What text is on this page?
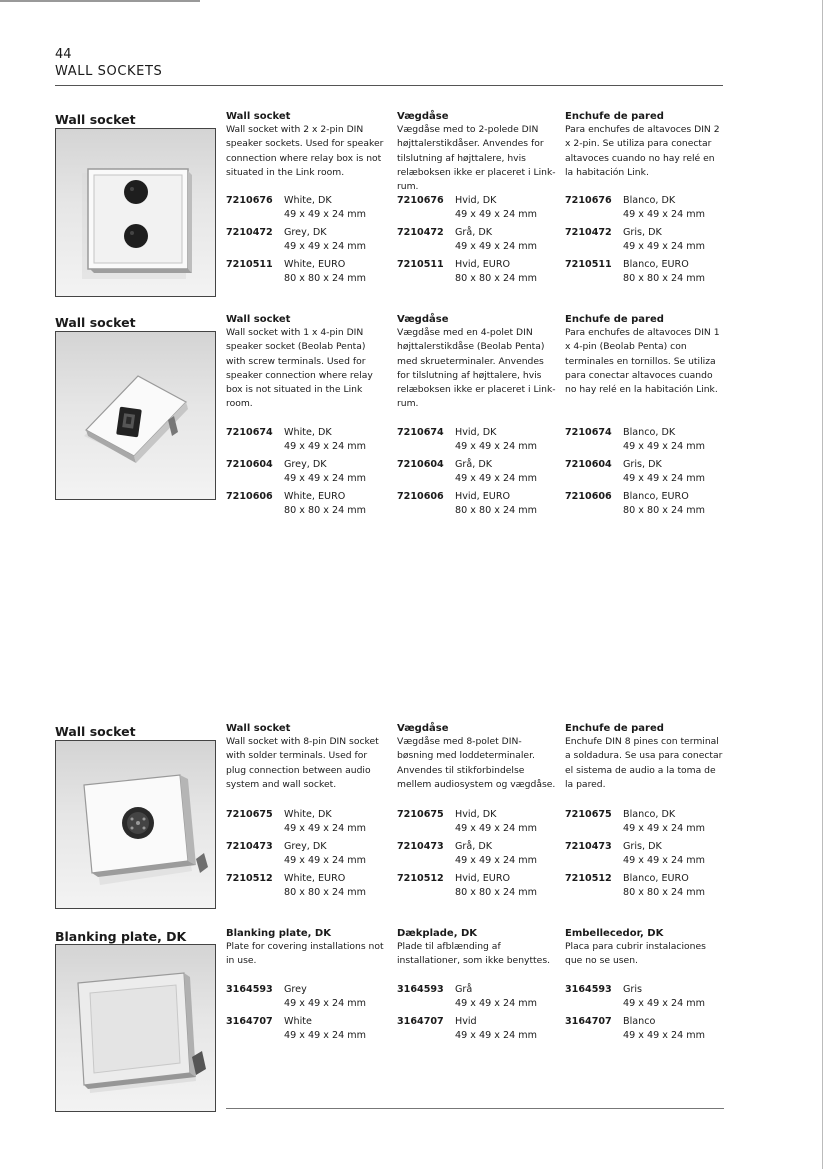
44
WALL SOCKETS
Wall socket	Wall socket
Wall socket with 2 x 2-pin DIN speaker sockets. Used for speaker connection where relay box is not situated in the Link room.
7210676 White, DK
49 x 49 x 24 mm
7210472 Grey, DK
49 x 49 x 24 mm
7210511 White, EURO
80 x 80 x 24 mm
Vægdåse
Vægdåse med to 2-polede DIN højttalerstikdåser. Anvendes for tilslutning af højttalere, hvis relæboksen ikke er placeret i Link-rum.
7210676 Hvid, DK
49 x 49 x 24 mm
7210472 Grå, DK
49 x 49 x 24 mm
7210511 Hvid, EURO
80 x 80 x 24 mm
Enchufe de pared
Para enchufes de altavoces DIN 2 x 2-pin. Se utiliza para conectar altavoces cuando no hay relé en la habitación Link.
7210676 Blanco, DK
49 x 49 x 24 mm
7210472 Gris, DK
49 x 49 x 24 mm
7210511 Blanco, EURO
80 x 80 x 24 mm
Wall socket	Wall socket
Wall socket with 1 x 4-pin DIN speaker socket (Beolab Penta) with screw terminals. Used for speaker connection where relay box is not situated in the Link room.
7210674 White, DK
49 x 49 x 24 mm
7210604 Grey, DK
49 x 49 x 24 mm
7210606 White, EURO
80 x 80 x 24 mm
Vægdåse
Vægdåse med en 4-polet DIN højttalerstikdåse (Beolab Penta) med skrueterminaler. Anvendes for tilslutning af højttalere, hvis relæboksen ikke er placeret i Link-rum.
7210674 Hvid, DK
49 x 49 x 24 mm
7210604 Grå, DK
49 x 49 x 24 mm
7210606 Hvid, EURO
80 x 80 x 24 mm
Enchufe de pared
Para enchufes de altavoces DIN 1 x 4-pin (Beolab Penta) con terminales en tornillos. Se utiliza para conectar altavoces cuando no hay relé en la habitación Link.
7210674 Blanco, DK
49 x 49 x 24 mm
7210604 Gris, DK
49 x 49 x 24 mm
7210606 Blanco, EURO
80 x 80 x 24 mm
Wall socket	Wall socket
Wall socket with 8-pin DIN socket with solder terminals. Used for plug connection between audio system and wall socket.
7210675 White, DK
49 x 49 x 24 mm
7210473 Grey, DK
49 x 49 x 24 mm
7210512 White, EURO
80 x 80 x 24 mm
Vægdåse
Vægdåse med 8-polet DIN-bøsning med loddeterminaler. Anvendes til stikforbindelse mellem audiosystem og vægdåse.
7210675 Hvid, DK
49 x 49 x 24 mm
7210473 Grå, DK
49 x 49 x 24 mm
7210512 Hvid, EURO
80 x 80 x 24 mm
Enchufe de pared
Enchufe DIN 8 pines con terminal a soldadura. Se usa para conectar el sistema de audio a la toma de la pared.
7210675 Blanco, DK
49 x 49 x 24 mm
7210473 Gris, DK
49 x 49 x 24 mm
7210512 Blanco, EURO
80 x 80 x 24 mm
Blanking plate, DK	Blanking plate, DK
Plate for covering installations not in use.
3164593 Grey
49 x 49 x 24 mm
3164707 White
49 x 49 x 24 mm
Dækplade, DK
Plade til afblænding af installationer, som ikke benyttes.
3164593 Grå
49 x 49 x 24 mm
3164707 Hvid
49 x 49 x 24 mm
Embellecedor, DK
Placa para cubrir instalaciones que no se usen.
3164593 Gris
49 x 49 x 24 mm
3164707 Blanco
49 x 49 x 24 mm
